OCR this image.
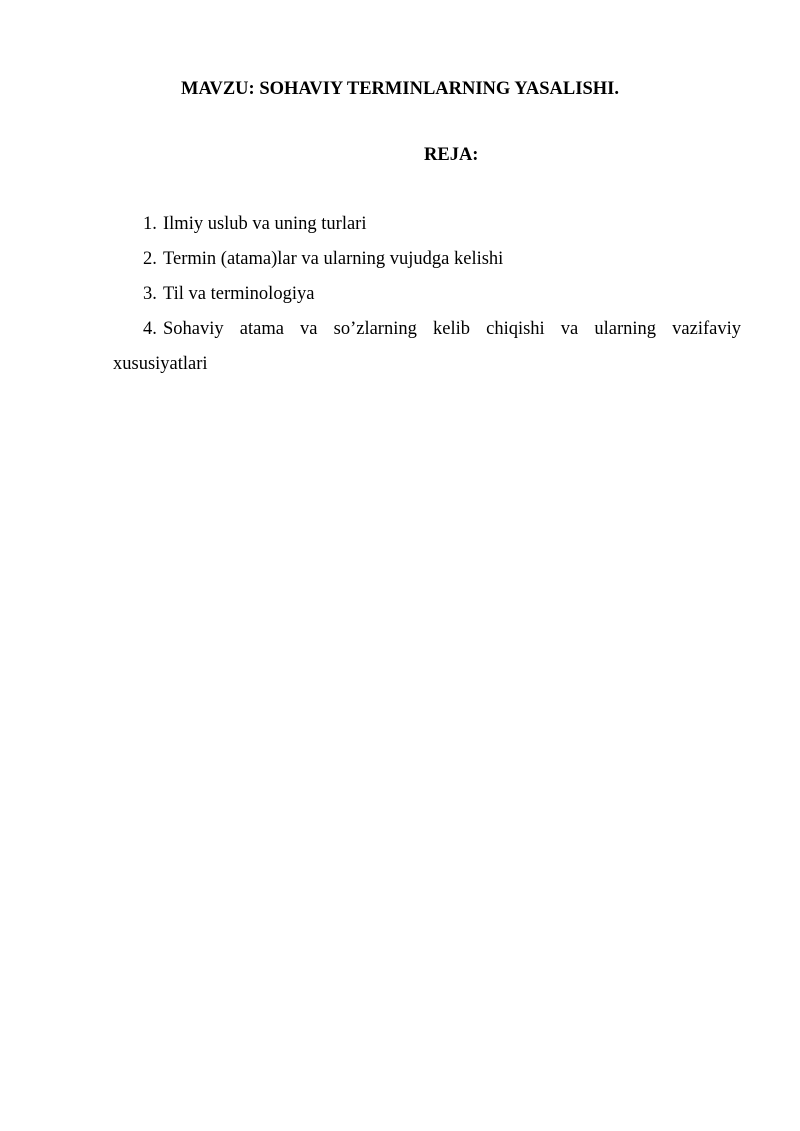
MAVZU: SOHAVIY TERMINLARNING YASALISHI.
REJA:
1. Ilmiy uslub va uning turlari
2. Termin (atama)lar va ularning vujudga kelishi
3. Til va terminologiya
4. Sohaviy atama va so’zlarning kelib chiqishi va ularning vazifaviy xususiyatlari
